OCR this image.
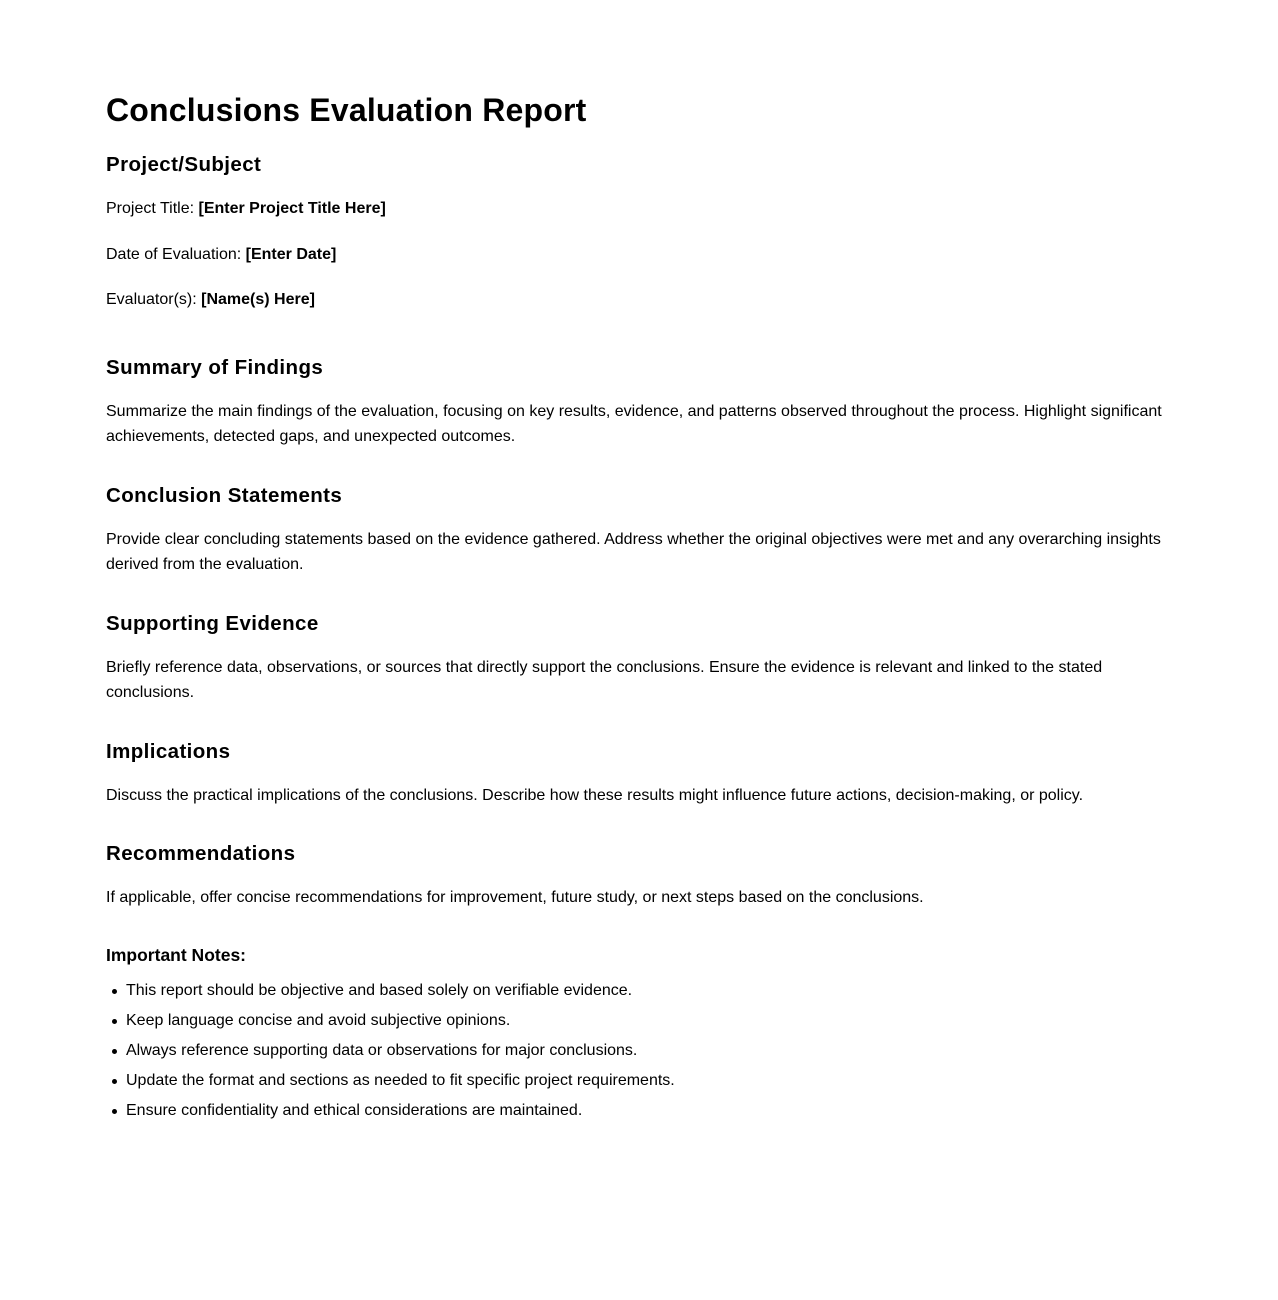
Conclusions Evaluation Report
Project/Subject

Project Title: [Enter Project Title Here]

Date of Evaluation: [Enter Date]

Evaluator(s): [Name(s) Here]

Summary of Findings

Summarize the main findings of the evaluation, focusing on key results, evidence, and patterns observed throughout the process. Highlight significant achievements, detected gaps, and unexpected outcomes.

Conclusion Statements

Provide clear concluding statements based on the evidence gathered. Address whether the original objectives were met and any overarching insights derived from the evaluation.

Supporting Evidence

Briefly reference data, observations, or sources that directly support the conclusions. Ensure the evidence is relevant and linked to the stated conclusions.

Implications

Discuss the practical implications of the conclusions. Describe how these results might influence future actions, decision-making, or policy.

Recommendations

If applicable, offer concise recommendations for improvement, future study, or next steps based on the conclusions.

Important Notes:
This report should be objective and based solely on verifiable evidence.
Keep language concise and avoid subjective opinions.
Always reference supporting data or observations for major conclusions.
Update the format and sections as needed to fit specific project requirements.
Ensure confidentiality and ethical considerations are maintained.
